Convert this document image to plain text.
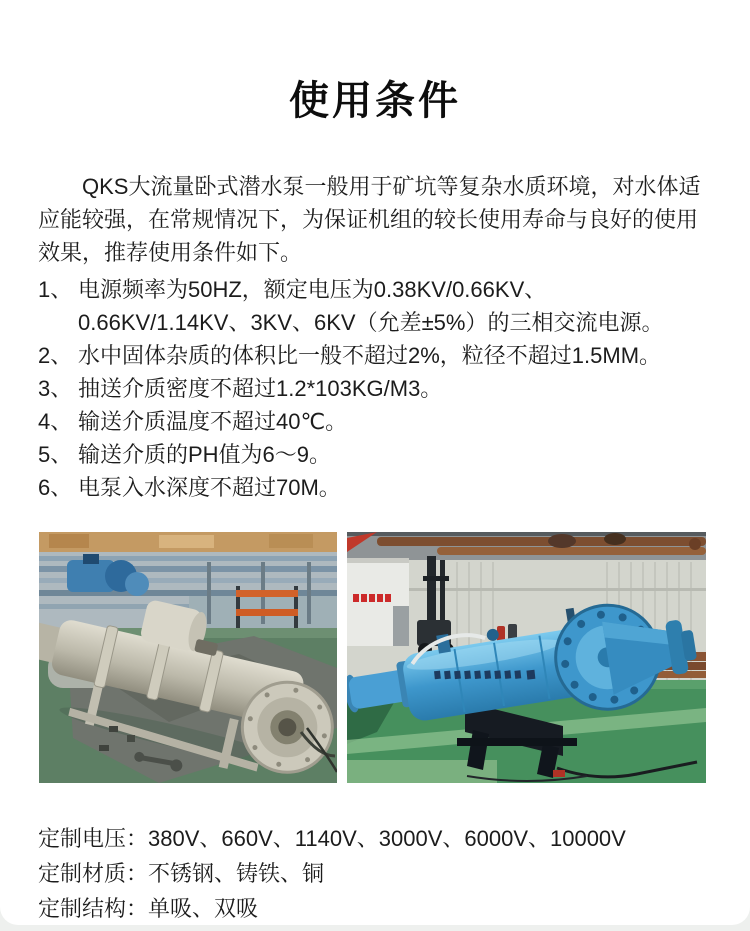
使用条件

QKS大流量卧式潜水泵一般用于矿坑等复杂水质环境，对水体适应能较强，在常规情况下，为保证机组的较长使用寿命与良好的使用效果，推荐使用条件如下。

1、 电源频率为50HZ，额定电压为0.38KV/0.66KV、0.66KV/1.14KV、3KV、6KV（允差±5%）的三相交流电源。
2、 水中固体杂质的体积比一般不超过2%，粒径不超过1.5MM。
3、 抽送介质密度不超过1.2*103KG/M3。
4、 输送介质温度不超过40℃。
5、 输送介质的PH值为6～9。
6、 电泵入水深度不超过70M。
定制电压：380V、660V、1140V、3000V、6000V、10000V
定制材质：不锈钢、铸铁、铜
定制结构：单吸、双吸
